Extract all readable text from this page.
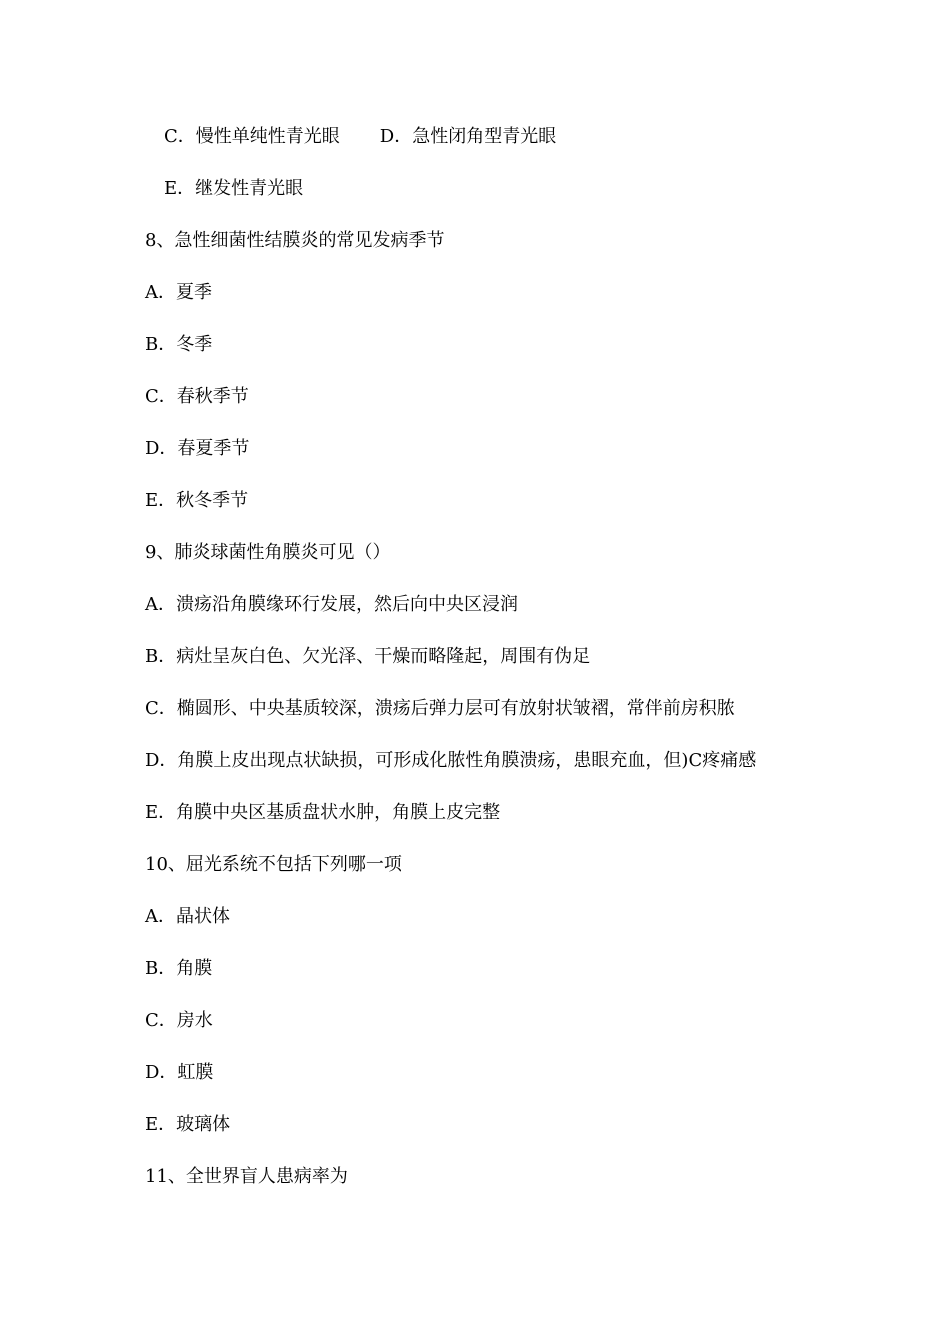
C．慢性单纯性青光眼 D．急性闭角型青光眼
E．继发性青光眼
8、急性细菌性结膜炎的常见发病季节
A．夏季
B．冬季
C．春秋季节
D．春夏季节
E．秋冬季节
9、肺炎球菌性角膜炎可见（）
A．溃疡沿角膜缘环行发展，然后向中央区浸润
B．病灶呈灰白色、欠光泽、干燥而略隆起，周围有伪足
C．椭圆形、中央基质较深，溃疡后弹力层可有放射状皱褶，常伴前房积脓
D．角膜上皮出现点状缺损，可形成化脓性角膜溃疡，患眼充血，但)C疼痛感
E．角膜中央区基质盘状水肿，角膜上皮完整
10、屈光系统不包括下列哪一项
A．晶状体
B．角膜
C．房水
D．虹膜
E．玻璃体
11、全世界盲人患病率为
